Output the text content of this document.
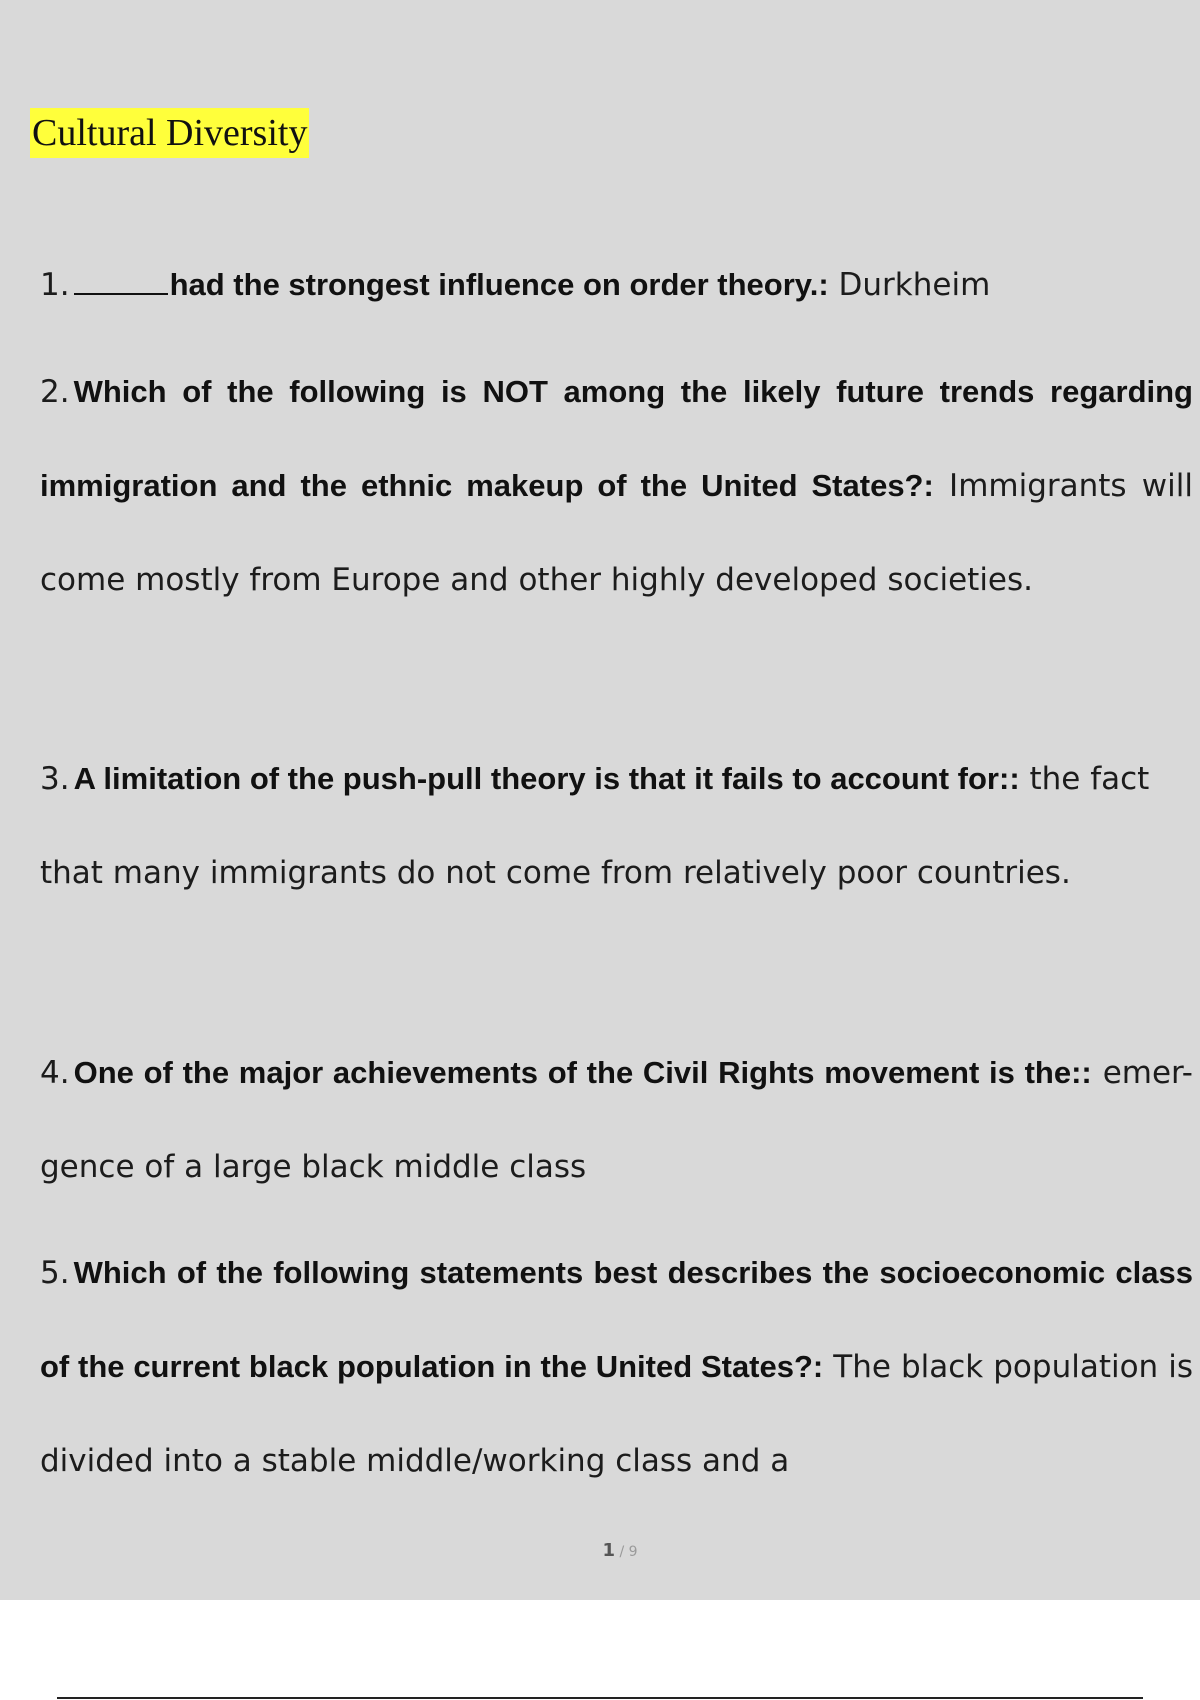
Cultural Diversity

1.	had the strongest influence on order theory.: Durkheim

2. Which of the following is NOT among the likely future trends regarding immigration and the ethnic makeup of the United States?: Immigrants will come mostly from Europe and other highly developed societies.

3. A limitation of the push-pull theory is that it fails to account for:: the fact that many immigrants do not come from relatively poor countries.

4. One of the major achievements of the Civil Rights movement is the:: emer- gence of a large black middle class

5. Which of the following statements best describes the socioeconomic class of the current black population in the United States?: The black population is divided into a stable middle/working class and a

1 / 9
